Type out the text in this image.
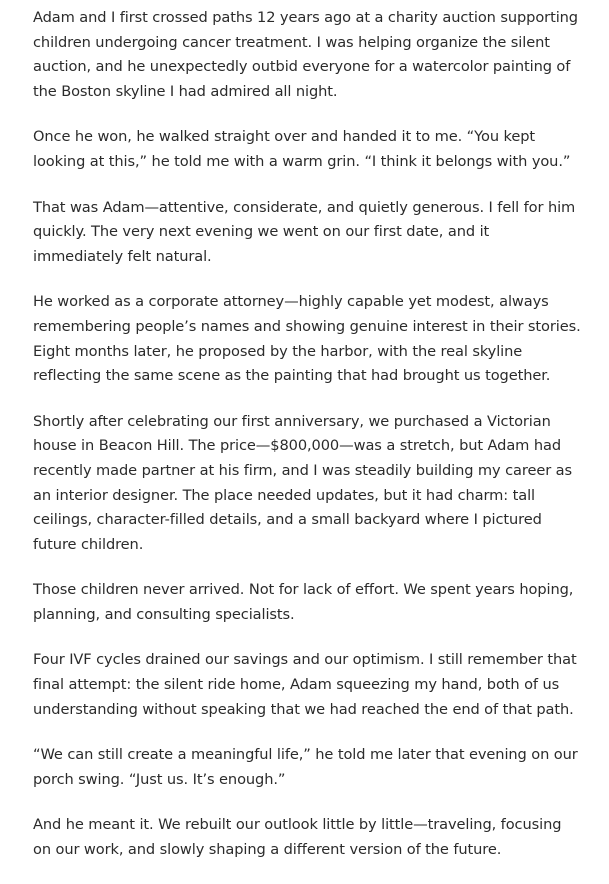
Adam and I first crossed paths 12 years ago at a charity auction supporting children undergoing cancer treatment. I was helping organize the silent auction, and he unexpectedly outbid everyone for a watercolor painting of the Boston skyline I had admired all night.

Once he won, he walked straight over and handed it to me. “You kept looking at this,” he told me with a warm grin. “I think it belongs with you.”

That was Adam—attentive, considerate, and quietly generous. I fell for him quickly. The very next evening we went on our first date, and it immediately felt natural.

He worked as a corporate attorney—highly capable yet modest, always remembering people’s names and showing genuine interest in their stories. Eight months later, he proposed by the harbor, with the real skyline reflecting the same scene as the painting that had brought us together.

Shortly after celebrating our first anniversary, we purchased a Victorian house in Beacon Hill. The price—$800,000—was a stretch, but Adam had recently made partner at his firm, and I was steadily building my career as an interior designer. The place needed updates, but it had charm: tall ceilings, character-filled details, and a small backyard where I pictured future children.

Those children never arrived. Not for lack of effort. We spent years hoping, planning, and consulting specialists.

Four IVF cycles drained our savings and our optimism. I still remember that final attempt: the silent ride home, Adam squeezing my hand, both of us understanding without speaking that we had reached the end of that path.

“We can still create a meaningful life,” he told me later that evening on our porch swing. “Just us. It’s enough.”

And he meant it. We rebuilt our outlook little by little—traveling, focusing on our work, and slowly shaping a different version of the future.
